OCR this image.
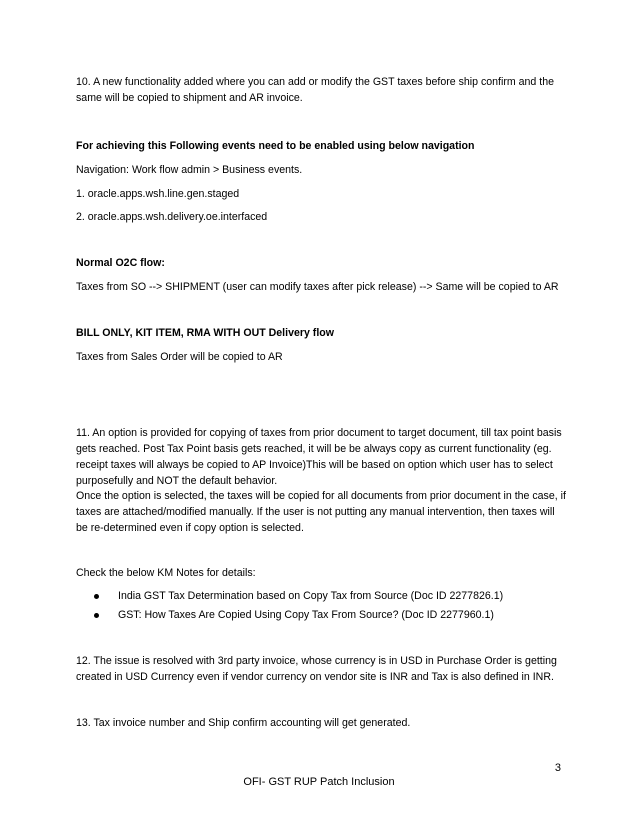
10. A new functionality added where you can add or modify the GST taxes before ship confirm and the same will be copied to shipment and AR invoice.
For achieving this Following events need to be enabled using below navigation
Navigation: Work flow admin > Business events.
1. oracle.apps.wsh.line.gen.staged
2. oracle.apps.wsh.delivery.oe.interfaced
Normal O2C flow:
Taxes from SO --> SHIPMENT (user can modify taxes after pick release) --> Same will be copied to AR
BILL ONLY, KIT ITEM, RMA WITH OUT Delivery flow
Taxes from Sales Order will be copied to AR
11. An option is provided for copying of taxes from prior document to target document, till tax point basis gets reached. Post Tax Point basis gets reached, it will be be always copy as current functionality (eg. receipt taxes will always be copied to AP Invoice)This will be based on option which user has to select purposefully and NOT the default behavior.
Once the option is selected, the taxes will be copied for all documents from prior document in the case, if taxes are attached/modified manually. If the user is not putting any manual intervention, then taxes will be re-determined even if copy option is selected.
Check the below KM Notes for details:
India GST Tax Determination based on Copy Tax from Source (Doc ID 2277826.1)
GST: How Taxes Are Copied Using Copy Tax From Source? (Doc ID 2277960.1)
12. The issue is resolved with 3rd party invoice, whose currency is in USD in Purchase Order is getting created in USD Currency even if vendor currency on vendor site is INR and Tax is also defined in INR.
13. Tax invoice number and Ship confirm accounting will get generated.
3
OFI- GST RUP Patch Inclusion
